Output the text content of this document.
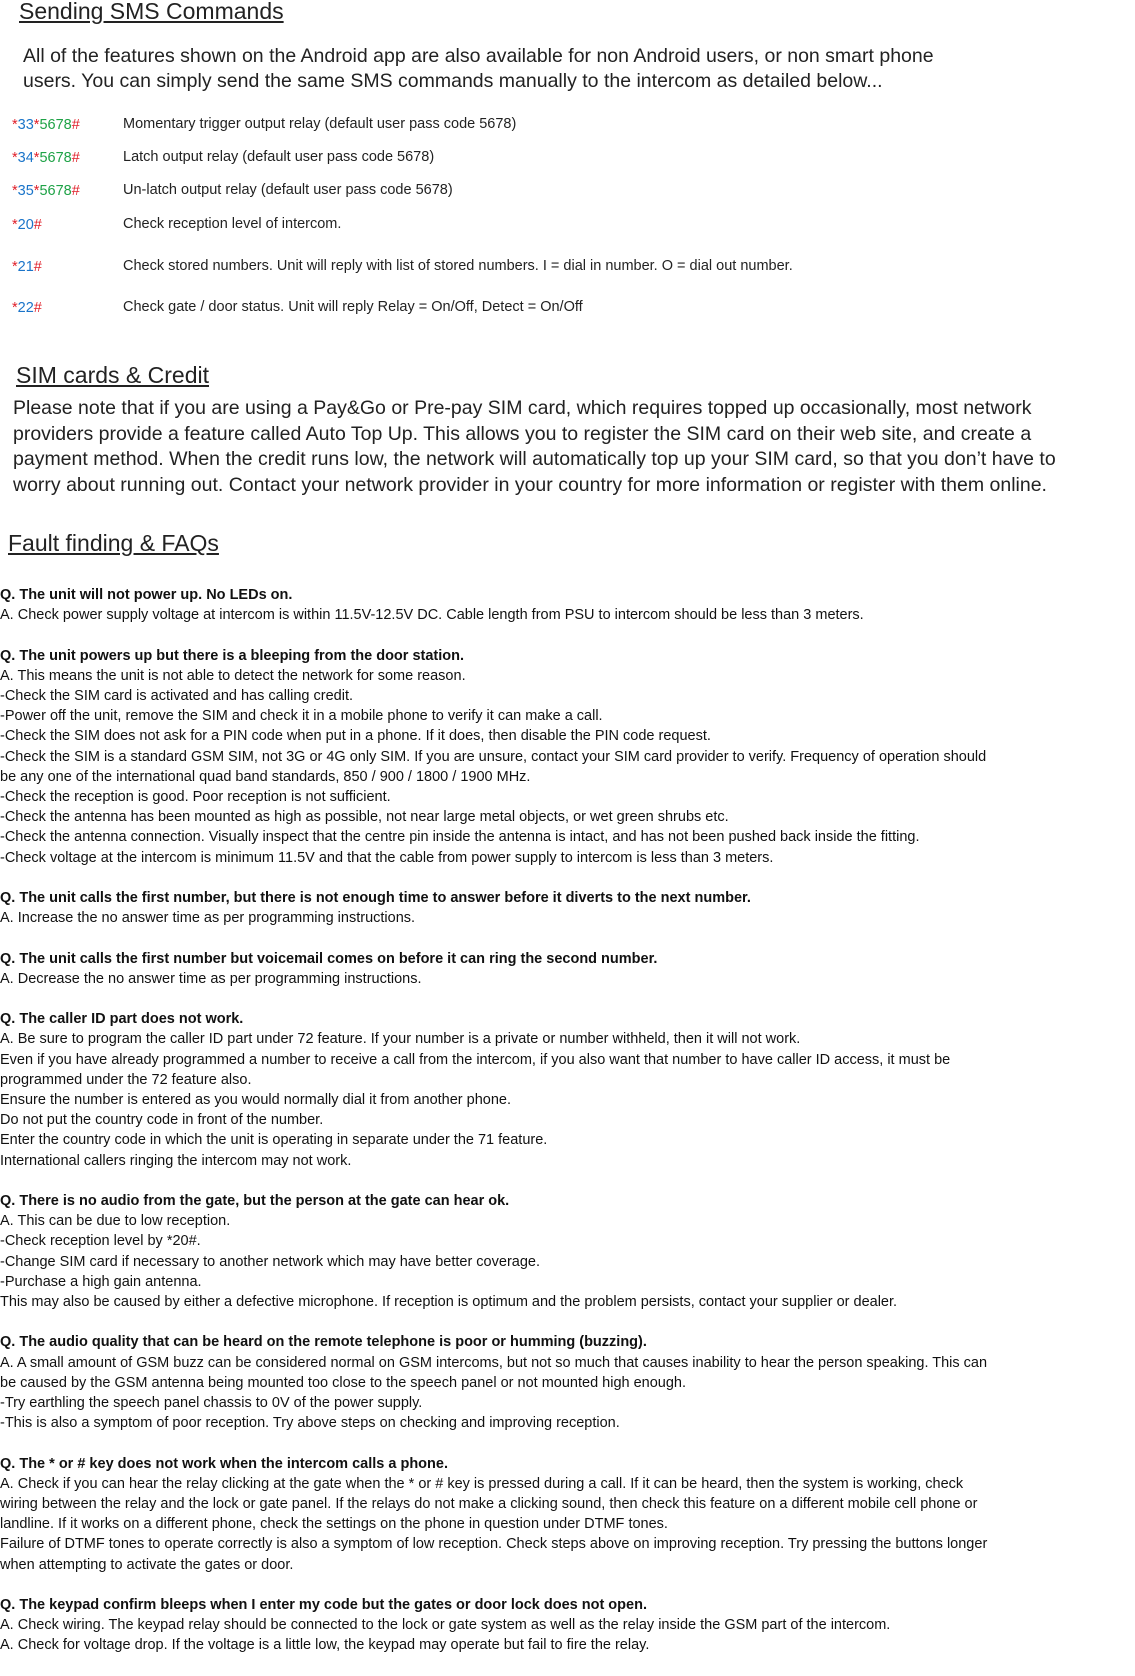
Sending SMS Commands
All of the features shown on the Android app are also available for non Android users, or non smart phone
users. You can simply send the same SMS commands manually to the intercom as detailed below...
*33*5678#	Momentary trigger output relay (default user pass code 5678)
*34*5678#	Latch output relay (default user pass code 5678)
*35*5678#	Un-latch output relay (default user pass code 5678)
*20#	Check reception level of intercom.
*21#	Check stored numbers. Unit will reply with list of stored numbers. I = dial in number. O = dial out number.
*22#	Check gate / door status. Unit will reply Relay = On/Off, Detect = On/Off
SIM cards & Credit
Please note that if you are using a Pay&Go or Pre-pay SIM card, which requires topped up occasionally, most network
providers provide a feature called Auto Top Up. This allows you to register the SIM card on their web site, and create a
payment method. When the credit runs low, the network will automatically top up your SIM card, so that you don’t have to
worry about running out. Contact your network provider in your country for more information or register with them online.
Fault finding & FAQs
Q. The unit will not power up. No LEDs on.
A. Check power supply voltage at intercom is within 11.5V-12.5V DC. Cable length from PSU to intercom should be less than 3 meters.
Q. The unit powers up but there is a bleeping from the door station.
A. This means the unit is not able to detect the network for some reason.
-Check the SIM card is activated and has calling credit.
-Power off the unit, remove the SIM and check it in a mobile phone to verify it can make a call.
-Check the SIM does not ask for a PIN code when put in a phone. If it does, then disable the PIN code request.
-Check the SIM is a standard GSM SIM, not 3G or 4G only SIM. If you are unsure, contact your SIM card provider to verify. Frequency of operation should
be any one of the international quad band standards, 850 / 900 / 1800 / 1900 MHz.
-Check the reception is good. Poor reception is not sufficient.
-Check the antenna has been mounted as high as possible, not near large metal objects, or wet green shrubs etc.
-Check the antenna connection. Visually inspect that the centre pin inside the antenna is intact, and has not been pushed back inside the fitting.
-Check voltage at the intercom is minimum 11.5V and that the cable from power supply to intercom is less than 3 meters.
Q. The unit calls the first number, but there is not enough time to answer before it diverts to the next number.
A. Increase the no answer time as per programming instructions.
Q. The unit calls the first number but voicemail comes on before it can ring the second number.
A. Decrease the no answer time as per programming instructions.
Q. The caller ID part does not work.
A. Be sure to program the caller ID part under 72 feature. If your number is a private or number withheld, then it will not work.
Even if you have already programmed a number to receive a call from the intercom, if you also want that number to have caller ID access, it must be
programmed under the 72 feature also.
Ensure the number is entered as you would normally dial it from another phone.
Do not put the country code in front of the number.
Enter the country code in which the unit is operating in separate under the 71 feature.
International callers ringing the intercom may not work.
Q. There is no audio from the gate, but the person at the gate can hear ok.
A. This can be due to low reception.
-Check reception level by *20#.
-Change SIM card if necessary to another network which may have better coverage.
-Purchase a high gain antenna.
This may also be caused by either a defective microphone. If reception is optimum and the problem persists, contact your supplier or dealer.
Q. The audio quality that can be heard on the remote telephone is poor or humming (buzzing).
A. A small amount of GSM buzz can be considered normal on GSM intercoms, but not so much that causes inability to hear the person speaking. This can
be caused by the GSM antenna being mounted too close to the speech panel or not mounted high enough.
-Try earthling the speech panel chassis to 0V of the power supply.
-This is also a symptom of poor reception. Try above steps on checking and improving reception.
Q. The * or # key does not work when the intercom calls a phone.
A. Check if you can hear the relay clicking at the gate when the * or # key is pressed during a call. If it can be heard, then the system is working, check
wiring between the relay and the lock or gate panel. If the relays do not make a clicking sound, then check this feature on a different mobile cell phone or
landline. If it works on a different phone, check the settings on the phone in question under DTMF tones.
Failure of DTMF tones to operate correctly is also a symptom of low reception. Check steps above on improving reception. Try pressing the buttons longer
when attempting to activate the gates or door.
Q. The keypad confirm bleeps when I enter my code but the gates or door lock does not open.
A. Check wiring. The keypad relay should be connected to the lock or gate system as well as the relay inside the GSM part of the intercom.
A. Check for voltage drop. If the voltage is a little low, the keypad may operate but fail to fire the relay.
